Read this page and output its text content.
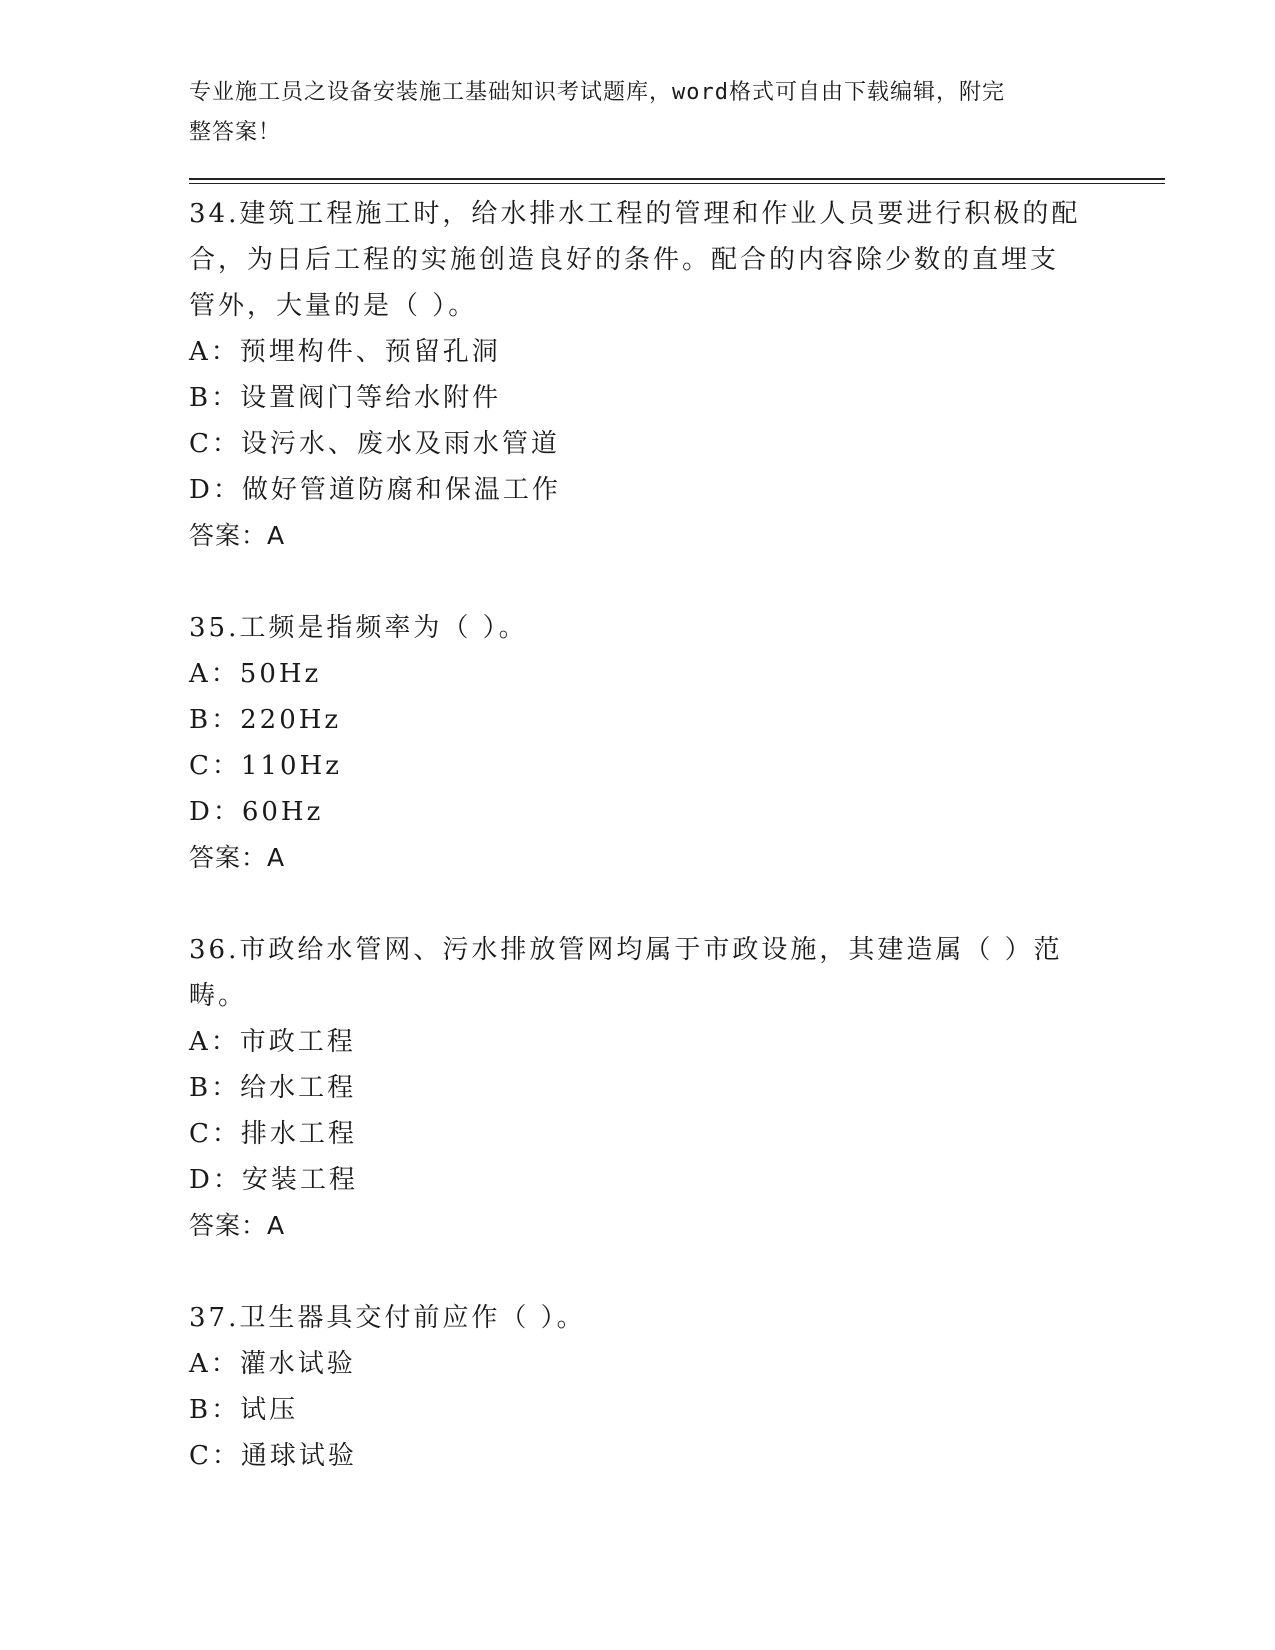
专业施工员之设备安装施工基础知识考试题库，word格式可自由下载编辑，附完
整答案！
34.建筑工程施工时，给水排水工程的管理和作业人员要进行积极的配
合，为日后工程的实施创造良好的条件。配合的内容除少数的直埋支
管外，大量的是（ ）。
A：预埋构件、预留孔洞
B：设置阀门等给水附件
C：设污水、废水及雨水管道
D：做好管道防腐和保温工作
答案：A
35.工频是指频率为（ ）。
A：50Hz
B：220Hz
C：110Hz
D：60Hz
答案：A
36.市政给水管网、污水排放管网均属于市政设施，其建造属（ ）范
畴。
A：市政工程
B：给水工程
C：排水工程
D：安装工程
答案：A
37.卫生器具交付前应作（ ）。
A：灌水试验
B：试压
C：通球试验
